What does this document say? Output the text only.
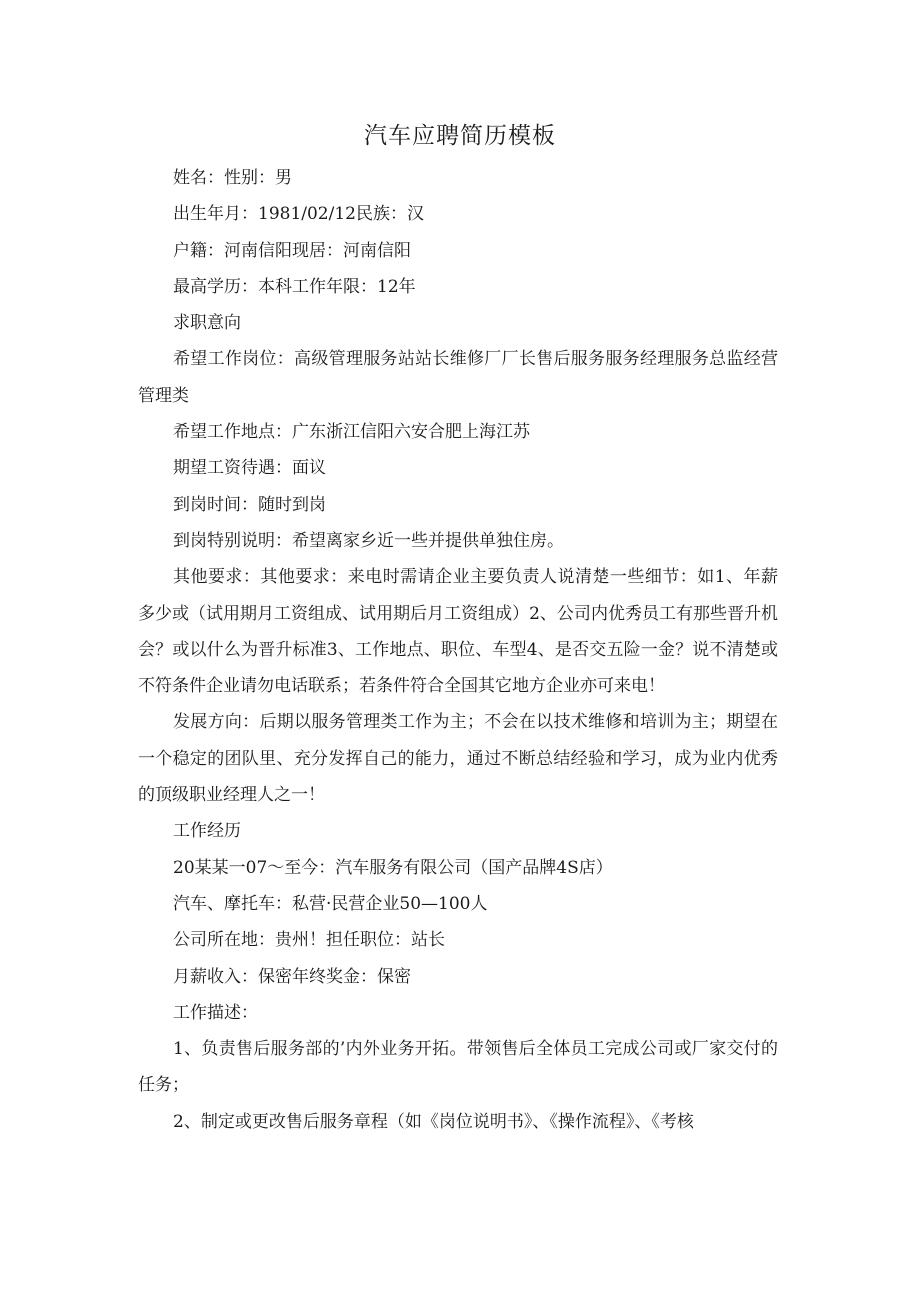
汽车应聘简历模板

姓名：性别：男

出生年月：1981/02/12民族：汉

户籍：河南信阳现居：河南信阳

最高学历：本科工作年限：12年

求职意向

希望工作岗位：高级管理服务站站长维修厂厂长售后服务服务经理服务总监经营管理类

希望工作地点：广东浙江信阳六安合肥上海江苏

期望工资待遇：面议

到岗时间：随时到岗

到岗特别说明：希望离家乡近一些并提供单独住房。

其他要求：其他要求：来电时需请企业主要负责人说清楚一些细节：如1、年薪多少或（试用期月工资组成、试用期后月工资组成）2、公司内优秀员工有那些晋升机会？或以什么为晋升标准3、工作地点、职位、车型4、是否交五险一金？说不清楚或不符条件企业请勿电话联系；若条件符合全国其它地方企业亦可来电！

发展方向：后期以服务管理类工作为主；不会在以技术维修和培训为主；期望在一个稳定的团队里、充分发挥自己的能力，通过不断总结经验和学习，成为业内优秀的顶级职业经理人之一！

工作经历

20某某一07～至今：汽车服务有限公司（国产品牌4S店）

汽车、摩托车：私营·民营企业50—100人

公司所在地：贵州！担任职位：站长

月薪收入：保密年终奖金：保密

工作描述：

1、负责售后服务部的’内外业务开拓。带领售后全体员工完成公司或厂家交付的任务；

2、制定或更改售后服务章程（如《岗位说明书》、《操作流程》、《考核
